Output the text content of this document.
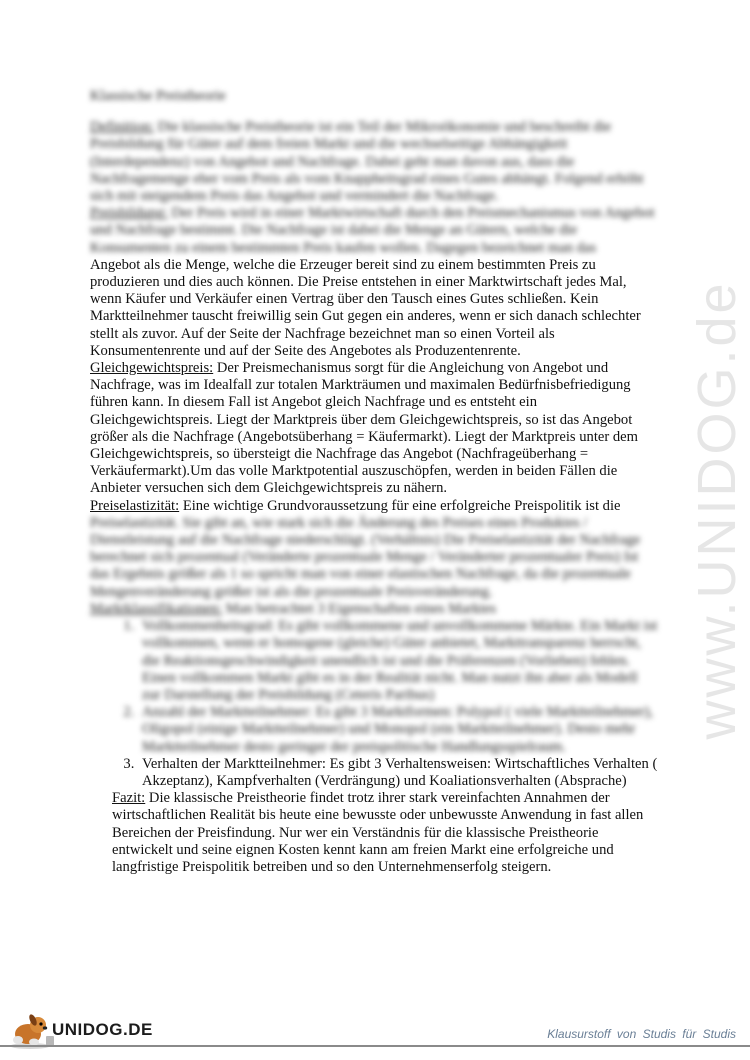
www.UNIDOG.de

Klassische Preistheorie

Definition: Die klassische Preistheorie ist ein Teil der Mikroökonomie und beschreibt die Preisbildung für Güter auf dem freien Markt und die wechselseitige Abhängigkeit (Interdependenz) von Angebot und Nachfrage. Dabei geht man davon aus, dass die Nachfragemenge eher vom Preis als vom Knappheitsgrad eines Gutes abhängt. Folgend erhöht sich mit steigendem Preis das Angebot und vermindert die Nachfrage.

Preisbildung: Der Preis wird in einer Marktwirtschaft durch den Preismechanismus von Angebot und Nachfrage bestimmt. Die Nachfrage ist dabei die Menge an Gütern, welche die Konsumenten zu einem bestimmten Preis kaufen wollen. Dagegen bezeichnet man das

Angebot als die Menge, welche die Erzeuger bereit sind zu einem bestimmten Preis zu produzieren und dies auch können. Die Preise entstehen in einer Marktwirtschaft jedes Mal, wenn Käufer und Verkäufer einen Vertrag über den Tausch eines Gutes schließen. Kein Marktteilnehmer tauscht freiwillig sein Gut gegen ein anderes, wenn er sich danach schlechter stellt als zuvor. Auf der Seite der Nachfrage bezeichnet man so einen Vorteil als Konsumentenrente und auf der Seite des Angebotes als Produzentenrente.

Gleichgewichtspreis: Der Preismechanismus sorgt für die Angleichung von Angebot und Nachfrage, was im Idealfall zur totalen Markträumen und maximalen Bedürfnisbefriedigung führen kann. In diesem Fall ist Angebot gleich Nachfrage und es entsteht ein Gleichgewichtspreis. Liegt der Marktpreis über dem Gleichgewichtspreis, so ist das Angebot größer als die Nachfrage (Angebotsüberhang = Käufermarkt). Liegt der Marktpreis unter dem Gleichgewichtspreis, so übersteigt die Nachfrage das Angebot (Nachfrageüberhang = Verkäufermarkt).Um das volle Marktpotential auszuschöpfen, werden in beiden Fällen die Anbieter versuchen sich dem Gleichgewichtspreis zu nähern.

Preiselastizität: Eine wichtige Grundvoraussetzung für eine erfolgreiche Preispolitik ist die

Preiselastizität. Sie gibt an, wie stark sich die Änderung des Preises eines Produktes / Dienstleistung auf die Nachfrage niederschlägt. (Verhältnis) Die Preiselastizität der Nachfrage berechnet sich prozentual (Veränderte prozentuale Menge / Veränderter prozentualer Preis) Ist das Ergebnis größer als 1 so spricht man von einer elastischen Nachfrage, da die prozentuale Mengenveränderung größer ist als die prozentuale Preisveränderung.

Marktklassifikationen: Man betrachtet 3 Eigenschaften eines Marktes

1. Vollkommenheitsgrad: Es gibt vollkommene und unvollkommene Märkte. Ein Markt ist vollkommen, wenn er homogene (gleiche) Güter anbietet, Markttransparenz herrscht, die Reaktionsgeschwindigkeit unendlich ist und die Präferenzen (Vorlieben) fehlen. Einen vollkommen Markt gibt es in der Realität nicht. Man nutzt ihn aber als Modell zur Darstellung der Preisbildung (Ceteris Paribus)
2. Anzahl der Marktteilnehmer: Es gibt 3 Marktformen: Polypol ( viele Marktteilnehmer), Oligopol (einige Marktteilnehmer) und Monopol (ein Marktteilnehmer). Desto mehr Marktteilnehmer desto geringer der preispolitische Handlungsspielraum.
3. Verhalten der Marktteilnehmer: Es gibt 3 Verhaltensweisen: Wirtschaftliches Verhalten ( Akzeptanz), Kampfverhalten (Verdrängung) und Koaliationsverhalten (Absprache)

Fazit: Die klassische Preistheorie findet trotz ihrer stark vereinfachten Annahmen der wirtschaftlichen Realität bis heute eine bewusste oder unbewusste Anwendung in fast allen Bereichen der Preisfindung. Nur wer ein Verständnis für die klassische Preistheorie entwickelt und seine eignen Kosten kennt kann am freien Markt eine erfolgreiche und langfristige Preispolitik betreiben und so den Unternehmenserfolg steigern.

UNIDOG.DE	Klausurstoff von Studis für Studis
